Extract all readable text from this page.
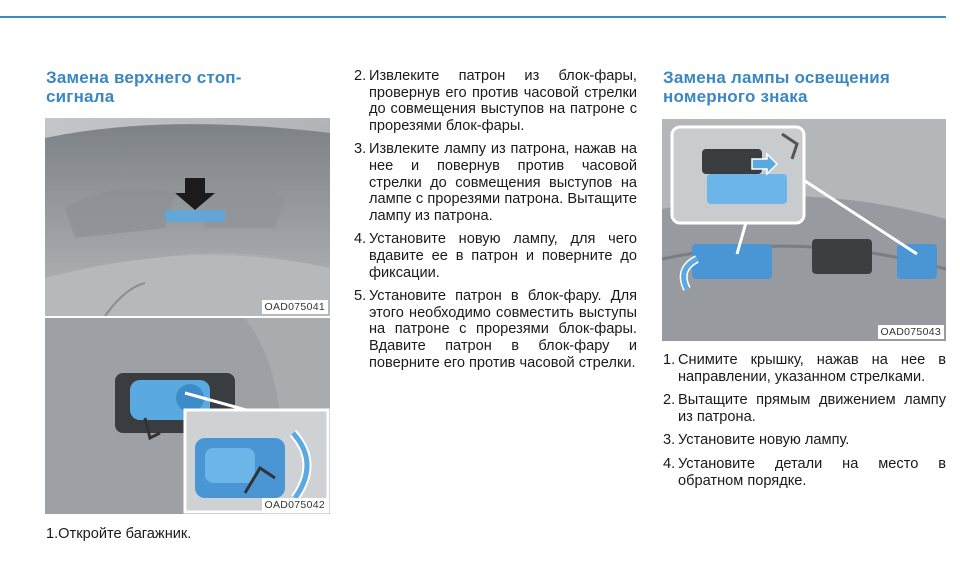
Замена верхнего стоп-сигнала
OAD075041
OAD075042
1.Откройте багажник.
2. Извлеките патрон из блок-фары, провернув его против часовой стрелки до совмещения выступов на патроне с прорезями блок-фары.
3. Извлеките лампу из патрона, нажав на нее и повернув против часовой стрелки до совмещения выступов на лампе с прорезями патрона. Вытащите лампу из патрона.
4. Установите новую лампу, для чего вдавите ее в патрон и поверните до фиксации.
5. Установите патрон в блок-фару. Для этого необходимо совместить выступы на патроне с прорезями блок-фары. Вдавите патрон в блок-фару и поверните его против часовой стрелки.
Замена лампы освещения номерного знака
OAD075043
1. Снимите крышку, нажав на нее в направлении, указанном стрелками.
2. Вытащите прямым движением лампу из патрона.
3. Установите новую лампу.
4. Установите детали на место в обратном порядке.
